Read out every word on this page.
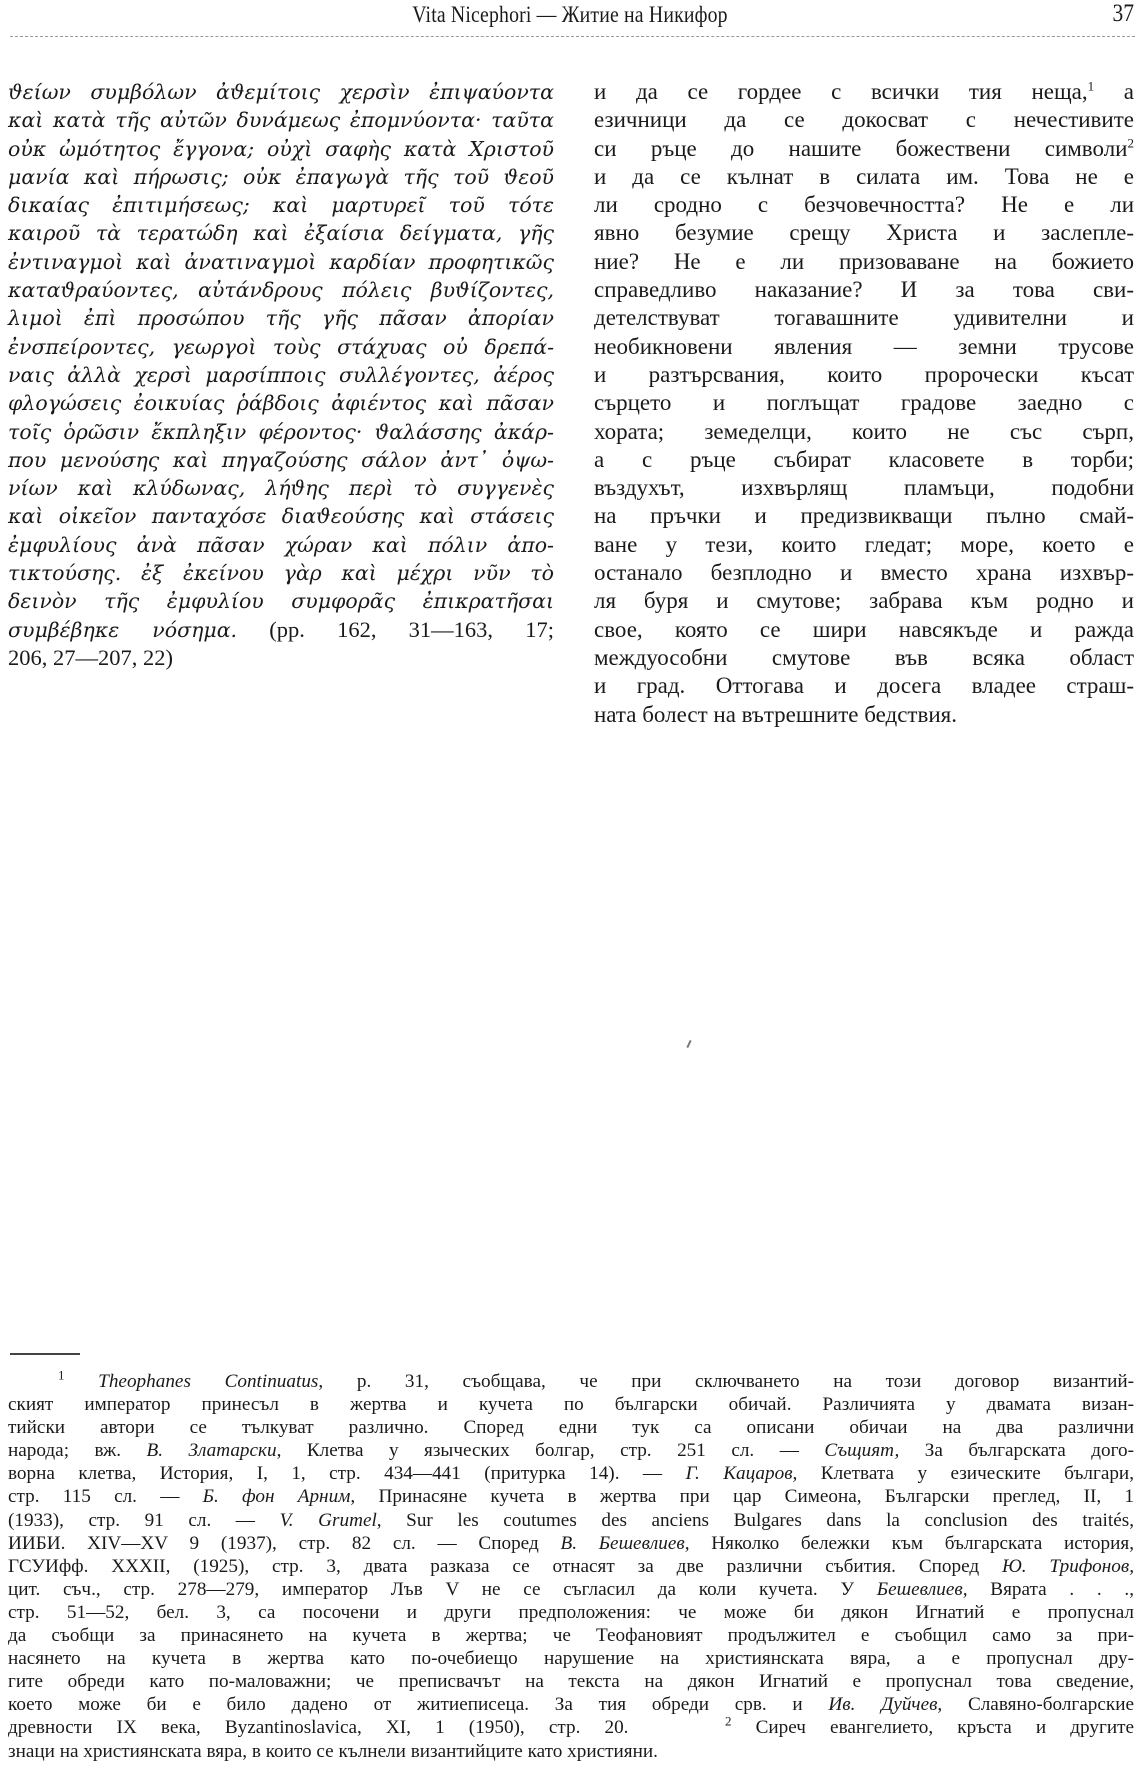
Vita Nicephori — Житие на Никифор	37
ϑείων συμβόλων ἀϑεμίτοις χερσὶν ἐπιψαύοντα
καὶ κατὰ τῆς αὐτῶν δυνάμεως ἐπομνύοντα· ταῦτα
οὐκ ὠμότητος ἔγγονα; οὐχὶ σαφὴς κατὰ Χριστοῦ
μανία καὶ πήρωσις; οὐκ ἐπαγωγὰ τῆς τοῦ ϑεοῦ
δικαίας ἐπιτιμήσεως; καὶ μαρτυρεῖ τοῦ τότε
καιροῦ τὰ τερατώδη καὶ ἐξαίσια δείγματα, γῆς
ἐντιναγμοὶ καὶ ἀνατιναγμοὶ καρδίαν προφητικῶς
καταϑραύοντες, αὐτάνδρους πόλεις βυϑίζοντες,
λιμοὶ ἐπὶ προσώπου τῆς γῆς πᾶσαν ἀπορίαν
ἐνσπείροντες, γεωργοὶ τοὺς στάχυας οὐ δρεπά-
ναις ἀλλὰ χερσὶ μαρσίπποις συλλέγοντες, ἀέρος
φλογώσεις ἐοικυίας ῥάβδοις ἀφιέντος καὶ πᾶσαν
τοῖς ὁρῶσιν ἔκπληξιν φέροντος· ϑαλάσσης ἀκάρ-
που μενούσης καὶ πηγαζούσης σάλον ἀντ᾽ ὀψω-
νίων καὶ κλύδωνας, λήϑης περὶ τὸ συγγενὲς
καὶ οἰκεῖον πανταχόσε διαϑεούσης καὶ στάσεις
ἐμφυλίους ἀνὰ πᾶσαν χώραν καὶ πόλιν ἀπο-
τικτούσης. ἐξ ἐκείνου γὰρ καὶ μέχρι νῦν τὸ
δεινὸν τῆς ἐμφυλίου συμφορᾶς ἐπικρατῆσαι
συμβέβηκε νόσημα. (pp. 162, 31—163, 17;
206, 27—207, 22)
и да се гордее с всички тия неща,$^1$ а
езичници да се докосват с нечестивите
си ръце до нашите божествени символи$^2$
и да се кълнат в силата им. Това не е
ли сродно с безчовечността? Не е ли
явно безумие срещу Христа и заслепле-
ние? Не е ли призоваване на божието
справедливо наказание? И за това сви-
детелствуват тогавашните удивителни и
необикновени явления — земни трусове
и разтърсвания, които пророчески късат
сърцето и поглъщат градове заедно с
хората; земеделци, които не със сърп,
а с ръце събират класовете в торби;
въздухът, изхвърлящ пламъци, подобни
на пръчки и предизвикващи пълно смай-
ване у тези, които гледат; море, което е
останало безплодно и вместо храна изхвър-
ля буря и смутове; забрава към родно и
свое, която се шири навсякъде и ражда
междуособни смутове във всяка област
и град. Оттогава и досега владее страш-
ната болест на вътрешните бедствия.
$^1$ Theophanes Continuatus, p. 31, съобщава, че при сключването на този договор византий-
ският император принесъл в жертва и кучета по български обичай. Различията у двамата визан-
тийски автори се тълкуват различно. Според едни тук са описани обичаи на два различни
народа; вж. В. Златарски, Клетва у языческих болгар, стр. 251 сл. — Същият, За българската дого-
ворна клетва, История, I, 1, стр. 434—441 (притурка 14). — Г. Кацаров, Клетвата у езическите българи,
стр. 115 сл. — Б. фон Арним, Принасяне кучета в жертва при цар Симеона, Български преглед, II, 1
(1933), стр. 91 сл. — V. Grumel, Sur les coutumes des anciens Bulgares dans la conclusion des traités,
ИИБИ. XIV—XV 9 (1937), стр. 82 сл. — Според В. Бешевлиев, Няколко бележки към българската история,
ГСУИфф. XXXII, (1925), стр. 3, двата разказа се отнасят за две различни събития. Според Ю. Трифонов,
цит. съч., стр. 278—279, император Лъв V не се съгласил да коли кучета. У Бешевлиев, Вярата . . .,
стр. 51—52, бел. 3, са посочени и други предположения: че може би дякон Игнатий е пропуснал
да съобщи за принасянето на кучета в жертва; че Теофановият продължител е съобщил само за при-
насянето на кучета в жертва като по-очебиещо нарушение на християнската вяра, а е пропуснал дру-
гите обреди като по-маловажни; че преписвачът на текста на дякон Игнатий е пропуснал това сведение,
което може би е било дадено от житиеписеца. За тия обреди срв. и Ив. Дуйчев, Славяно-болгарские
древности IX века, Byzantinoslavica, XI, 1 (1950), стр. 20.	$^2$ Сиреч евангелието, кръста и другите
знаци на християнската вяра, в които се кълнели византийците като християни.
